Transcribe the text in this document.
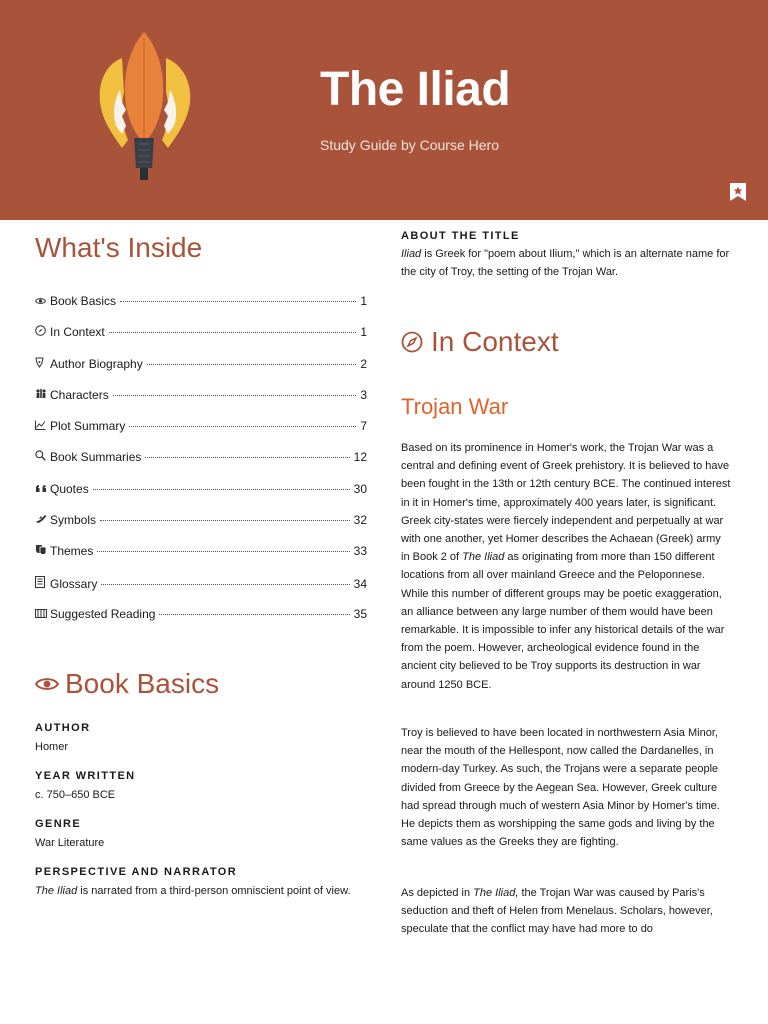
The Iliad
Study Guide by Course Hero
What's Inside
Book Basics	1
In Context	1
Author Biography	2
Characters	3
Plot Summary	7
Book Summaries	12
Quotes	30
Symbols	32
Themes	33
Glossary	34
Suggested Reading	35
Book Basics
AUTHOR
Homer
YEAR WRITTEN
c. 750–650 BCE
GENRE
War Literature
PERSPECTIVE AND NARRATOR
The Iliad is narrated from a third-person omniscient point of view.
ABOUT THE TITLE
Iliad is Greek for "poem about Ilium," which is an alternate name for the city of Troy, the setting of the Trojan War.
In Context
Trojan War

Based on its prominence in Homer's work, the Trojan War was a central and defining event of Greek prehistory. It is believed to have been fought in the 13th or 12th century BCE. The continued interest in it in Homer's time, approximately 400 years later, is significant. Greek city-states were fiercely independent and perpetually at war with one another, yet Homer describes the Achaean (Greek) army in Book 2 of The Iliad as originating from more than 150 different locations from all over mainland Greece and the Peloponnese. While this number of different groups may be poetic exaggeration, an alliance between any large number of them would have been remarkable. It is impossible to infer any historical details of the war from the poem. However, archeological evidence found in the ancient city believed to be Troy supports its destruction in war around 1250 BCE.

Troy is believed to have been located in northwestern Asia Minor, near the mouth of the Hellespont, now called the Dardanelles, in modern-day Turkey. As such, the Trojans were a separate people divided from Greece by the Aegean Sea. However, Greek culture had spread through much of western Asia Minor by Homer's time. He depicts them as worshipping the same gods and living by the same values as the Greeks they are fighting.

As depicted in The Iliad, the Trojan War was caused by Paris's seduction and theft of Helen from Menelaus. Scholars, however, speculate that the conflict may have had more to do
